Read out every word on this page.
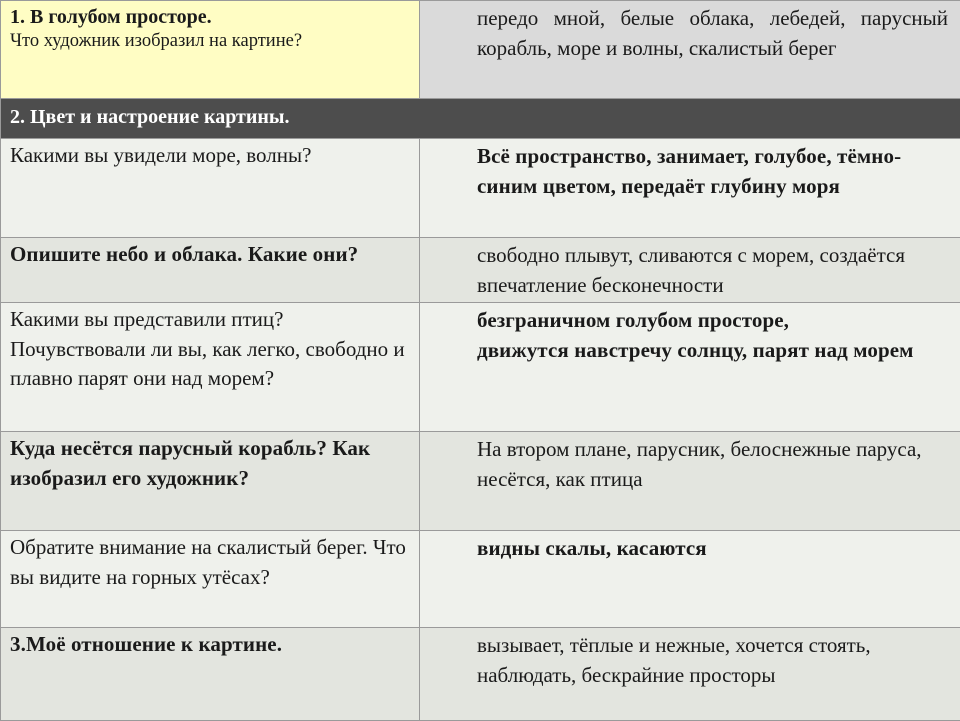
1. В голубом просторе.
Что художник изобразил на картине?	передо мной, белые облака, лебедей, парусный корабль, море и волны, скалистый берег

2. Цвет и настроение картины.	

Какими вы увидели море, волны?	Всё пространство, занимает, голубое, тёмно-синим цветом, передаёт глубину моря

Опишите небо и облака. Какие они?	свободно плывут, сливаются с морем, создаётся впечатление бесконечности

Какими вы представили птиц? Почувствовали ли вы, как легко, свободно и плавно парят они над морем?	безграничном голубом просторе,
движутся навстречу солнцу, парят над морем

Куда несётся парусный корабль? Как изобразил его художник?	На втором плане, парусник, белоснежные паруса, несётся, как птица

Обратите внимание на скалистый берег. Что вы видите на горных утёсах?	видны скалы, касаются

3.Моё отношение к картине.	вызывает, тёплые и нежные, хочется стоять, наблюдать, бескрайние просторы
